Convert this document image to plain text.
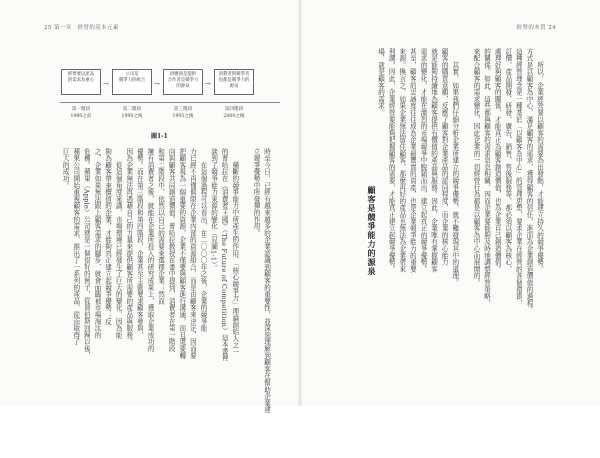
25 第一章　經營的基本元素	經營的本質 24
經營要以產品
的需求為重心	→
公司是
競爭力的組合	→
供應商是提供
合作者是競爭力
的源泉	→
消費者與競爭者
也都是競爭力的
源泉
第一階段
1980之前
第二階段
1990之後
第三階段
1995之後
第四階段
2000之後
圖1-1
時至今日，已經有越來越多的企業認識到顧客的重要性，並深刻理解到顧客在幫助企業建
立競爭優勢中所發揮的作用。
　　橫斷的競爭能力中所產生的作用，「核心競爭力」理論創始人之一
的普哈拉在《消費者王國》（The Future of Competition）這本書裡
談到了競爭能力來源的變化（見圖1-1）。
　　在這個過程可以看出，在二〇〇〇年之後，企業的競爭能
力已經不再僅侷限在企業內部的資源組合，而是由顧客來決定，因而要
把顧客視為一個重要的資源，企業不僅要與顧客進行溝通，而且還要轉
向與顧客共同創造價值。普哈拉教授在書中提到，消費者在第一階段
和第二階段中，依然以自己的需要來選擇企業；然而
擁有消費者之後，就能在企業所投入的研究成果上，獲取企業成功的
優勢。而在第三階段和第四階段，企業甚至主動要求顧客參與，
因為企業無法再憑藉自己的力量來提供顧客所需要的產品與服務。
　　從這個角度來講，市場環境已經發生了巨大的變化，因為能
夠為顧客帶來價值的企業，才能夠真正建立起競爭優勢；反
之，企業如果無法跟上顧客需求的腳步，就會面臨被市場淘汰的
危機。蘋果（Apple）公司就是一個很好的例子，從賈伯斯回歸以後，
蘋果公司開始重視顧客的需求，推出了一系列的產品，從而取得了
巨大的成功。
顧客是競爭能力的源泉	　　所以，企業經營要以顧客的需要為出發點，才能建立持久的競爭優勢。
方式是以顧客為中心，滿足顧客的需求，獲得顧客的信任，進而為企業創造價值的過程。
這種經營理念是一種基於「以顧客為中心」的管理思想，要求企業在經營的各個環節，
訂價、產品開發、研發、廣告、銷售、售後服務等，都必須以顧客為核心，
處理好與顧客的關係，才能真正為顧客創造價值，也為企業自己創造價值。
的關係。如此，這些都與顧客的需求息息相關，因而企業要能夠及時地調整經營策略，
來配合顧客的需求變化，因此企業的一切經營行為都是以顧客為中心而展開的。
　　其實，如果我們仔細分析企業所建立的競爭優勢，就不難發現其中的道理。
顧客的購買意願，反應了顧客對企業產品的認同程度，而企業的核心能力
就是能夠持續地為顧客提供有價值的產品與服務。因此，企業唯有掌握顧客
需求的變化，才能在激烈的市場競爭中脫穎而出，建立起真正的競爭優勢。
甚至，顧客的忠誠度往往成為企業最寶貴的資產，也是企業競爭能力的重要
來源。換言之，如果企業無法留住顧客，那麼再好的產品也無法為企業帶來
利潤。因此，企業經營要能夠把握顧客的需要，才能真正建立起競爭優勢。
場，就是顧客的需求。
